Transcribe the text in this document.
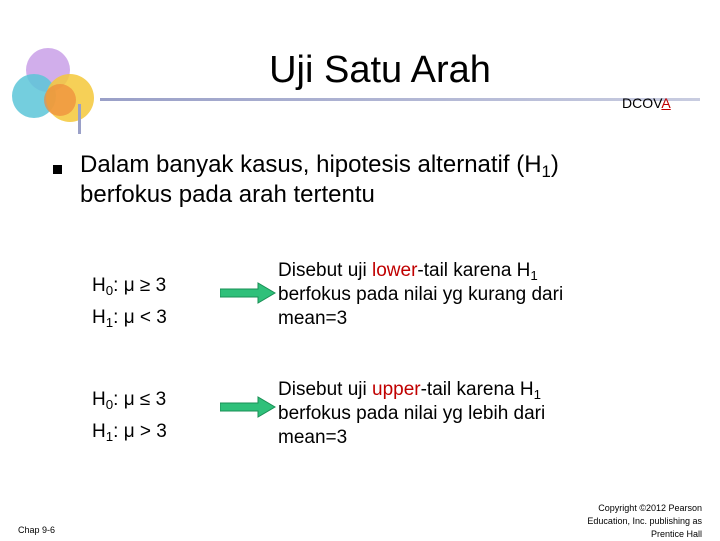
Uji Satu Arah
DCOVA
Dalam banyak kasus, hipotesis alternatif $(H_1)$
berfokus pada arah tertentu
$H_0$: μ ≥ 3
$H_1$: μ < 3
Disebut uji lower-tail karena $H_1$
berfokus pada nilai yg kurang dari
mean=3
$H_0$: μ ≤ 3
$H_1$: μ > 3
Disebut uji upper-tail karena $H_1$
berfokus pada nilai yg lebih dari
mean=3
Chap 9-6
Copyright ©2012 Pearson
Education, Inc. publishing as
Prentice Hall
